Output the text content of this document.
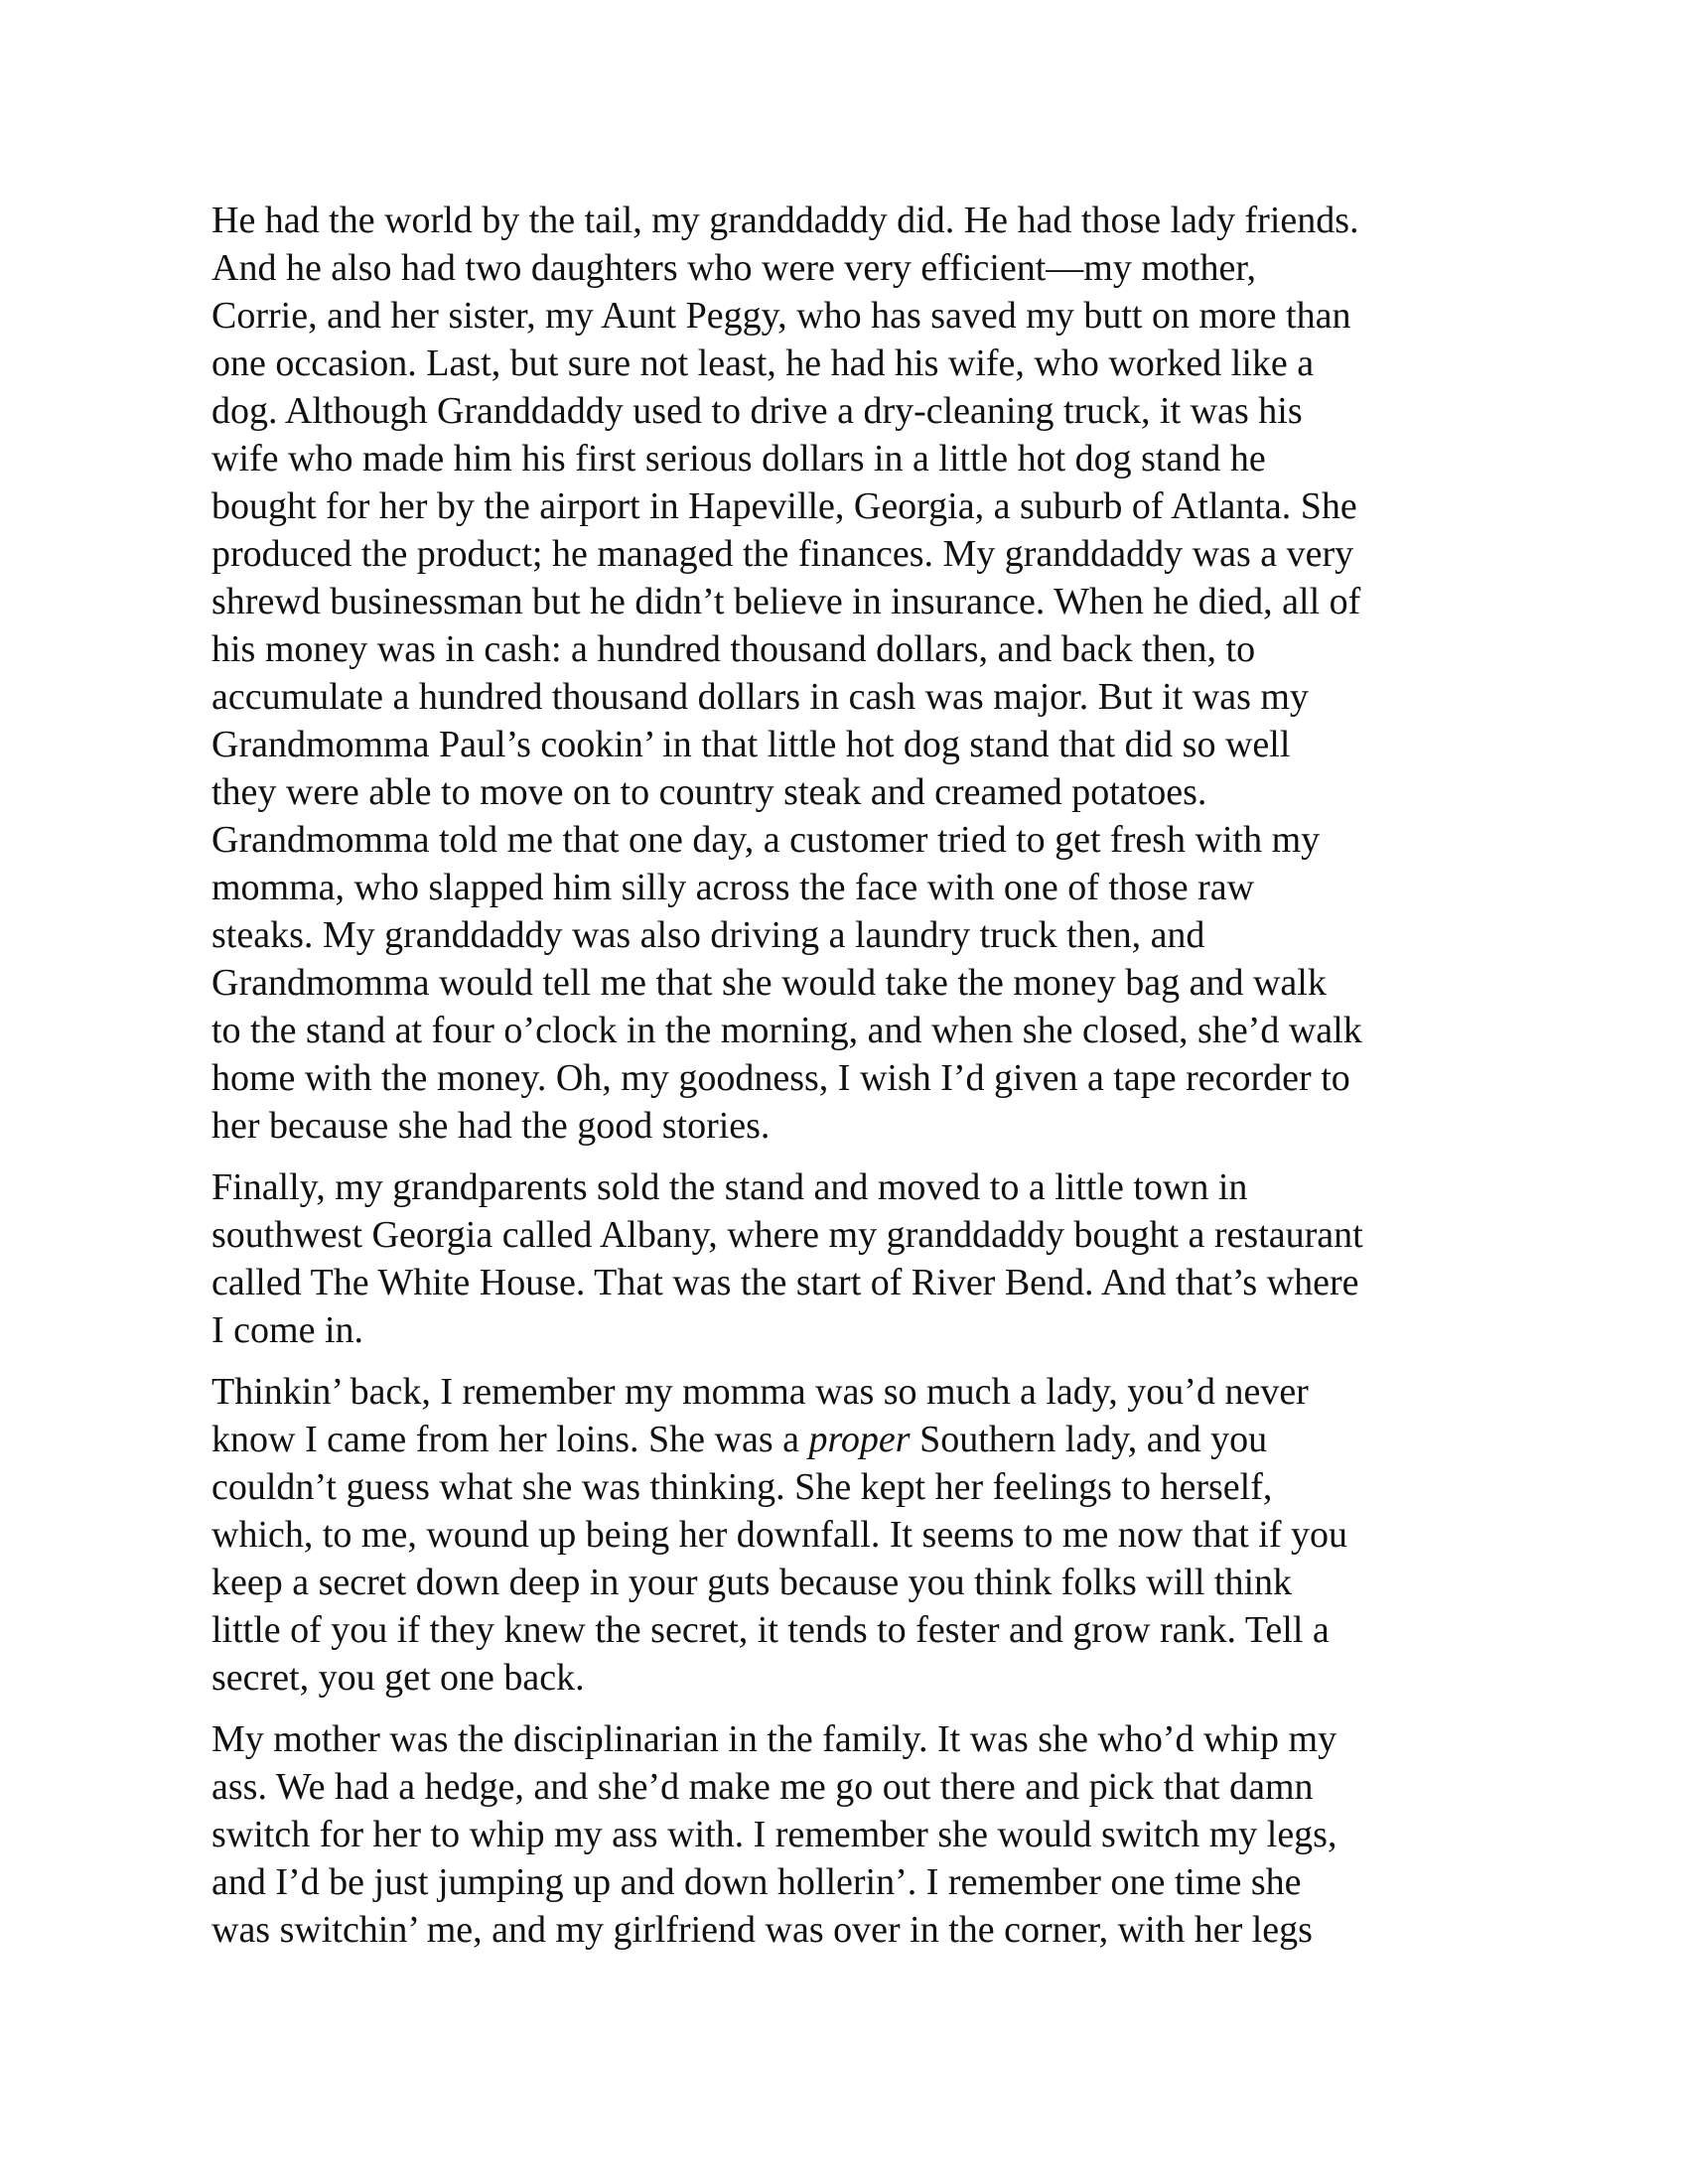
He had the world by the tail, my granddaddy did. He had those lady friends.
And he also had two daughters who were very efficient—my mother,
Corrie, and her sister, my Aunt Peggy, who has saved my butt on more than
one occasion. Last, but sure not least, he had his wife, who worked like a
dog. Although Granddaddy used to drive a dry-cleaning truck, it was his
wife who made him his first serious dollars in a little hot dog stand he
bought for her by the airport in Hapeville, Georgia, a suburb of Atlanta. She
produced the product; he managed the finances. My granddaddy was a very
shrewd businessman but he didn’t believe in insurance. When he died, all of
his money was in cash: a hundred thousand dollars, and back then, to
accumulate a hundred thousand dollars in cash was major. But it was my
Grandmomma Paul’s cookin’ in that little hot dog stand that did so well
they were able to move on to country steak and creamed potatoes.
Grandmomma told me that one day, a customer tried to get fresh with my
momma, who slapped him silly across the face with one of those raw
steaks. My granddaddy was also driving a laundry truck then, and
Grandmomma would tell me that she would take the money bag and walk
to the stand at four o’clock in the morning, and when she closed, she’d walk
home with the money. Oh, my goodness, I wish I’d given a tape recorder to
her because she had the good stories.

Finally, my grandparents sold the stand and moved to a little town in
southwest Georgia called Albany, where my granddaddy bought a restaurant
called The White House. That was the start of River Bend. And that’s where
I come in.

Thinkin’ back, I remember my momma was so much a lady, you’d never
know I came from her loins. She was a proper Southern lady, and you
couldn’t guess what she was thinking. She kept her feelings to herself,
which, to me, wound up being her downfall. It seems to me now that if you
keep a secret down deep in your guts because you think folks will think
little of you if they knew the secret, it tends to fester and grow rank. Tell a
secret, you get one back.

My mother was the disciplinarian in the family. It was she who’d whip my
ass. We had a hedge, and she’d make me go out there and pick that damn
switch for her to whip my ass with. I remember she would switch my legs,
and I’d be just jumping up and down hollerin’. I remember one time she
was switchin’ me, and my girlfriend was over in the corner, with her legs
